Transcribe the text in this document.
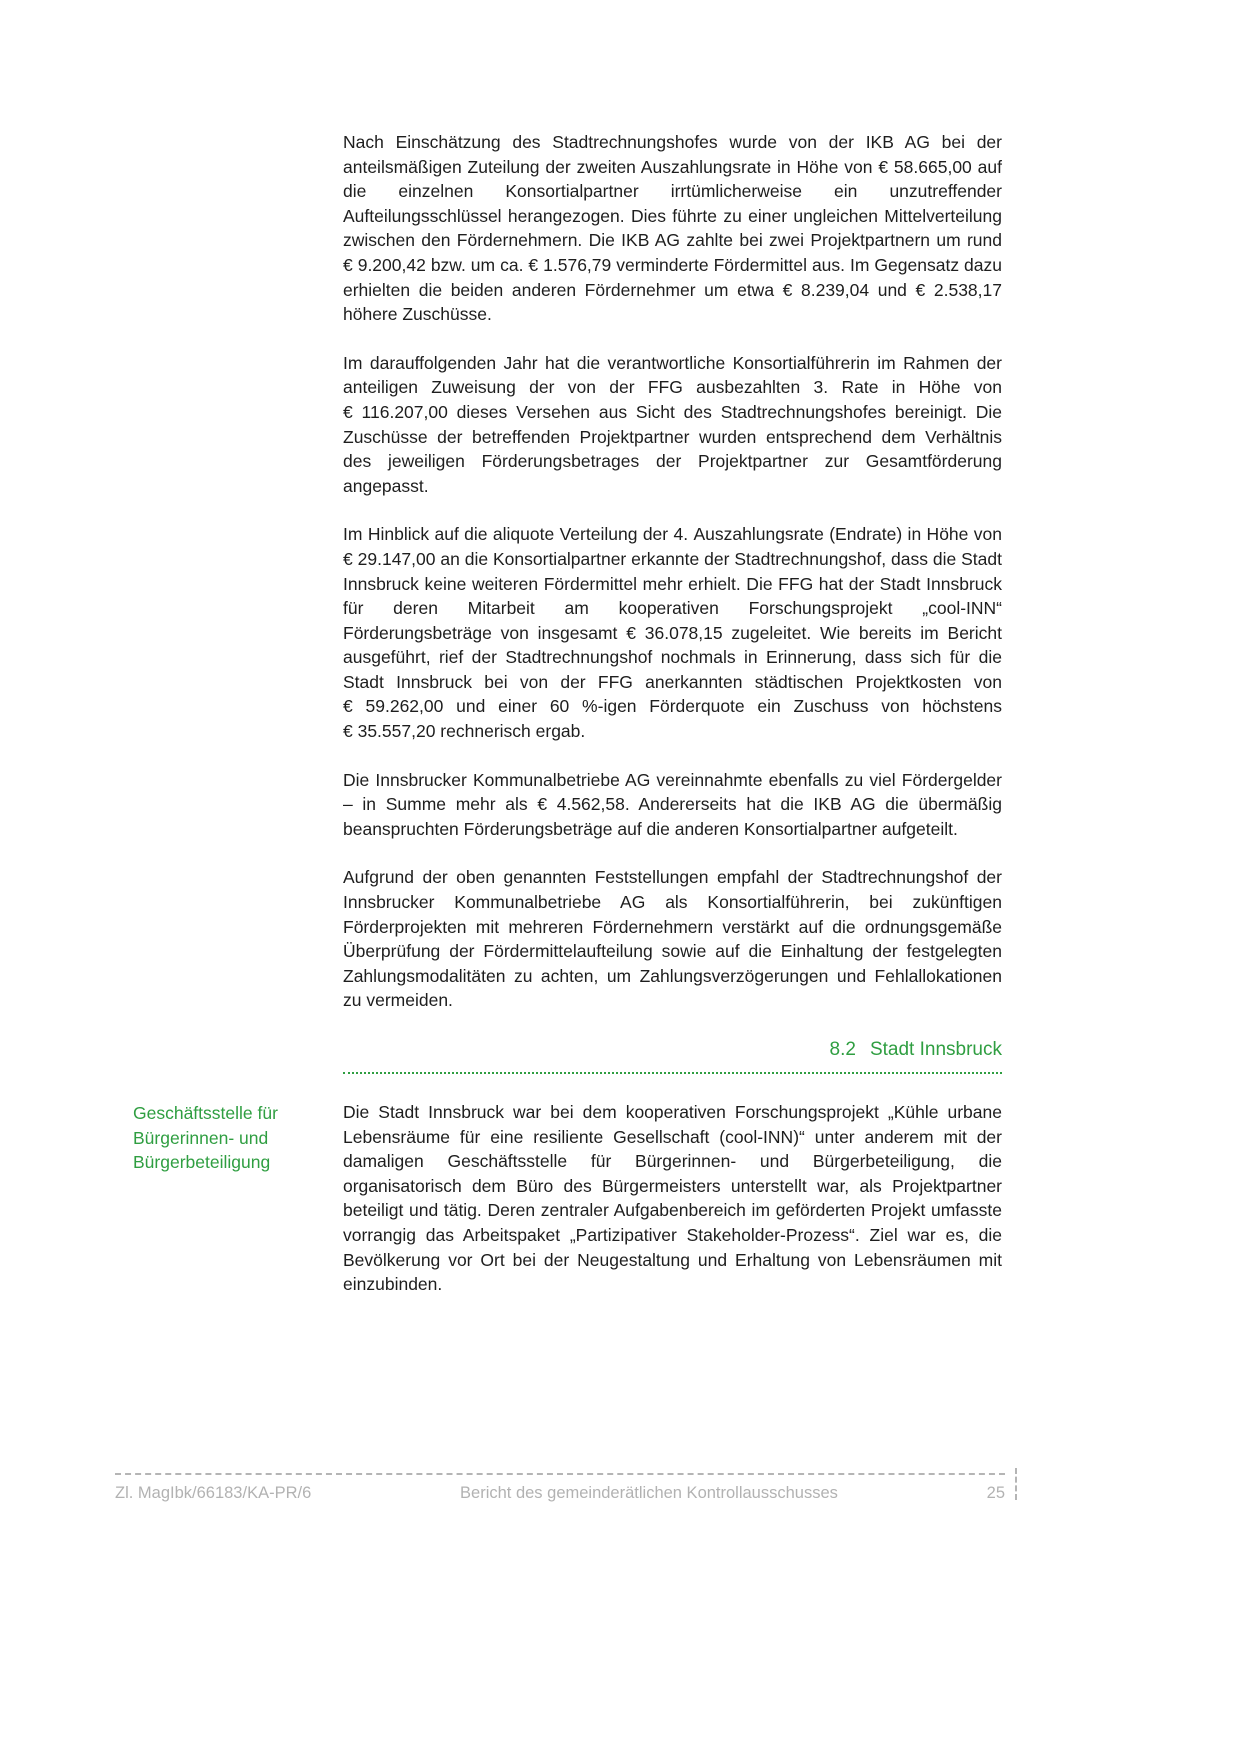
Nach Einschätzung des Stadtrechnungshofes wurde von der IKB AG bei der anteilsmäßigen Zuteilung der zweiten Auszahlungsrate in Höhe von € 58.665,00 auf die einzelnen Konsortialpartner irrtümlicherweise ein unzutreffender Aufteilungsschlüssel herangezogen. Dies führte zu einer ungleichen Mittelverteilung zwischen den Fördernehmern. Die IKB AG zahlte bei zwei Projektpartnern um rund € 9.200,42 bzw. um ca. € 1.576,79 verminderte Fördermittel aus. Im Gegensatz dazu erhielten die beiden anderen Fördernehmer um etwa € 8.239,04 und € 2.538,17 höhere Zuschüsse.

Im darauffolgenden Jahr hat die verantwortliche Konsortialführerin im Rahmen der anteiligen Zuweisung der von der FFG ausbezahlten 3. Rate in Höhe von € 116.207,00 dieses Versehen aus Sicht des Stadtrechnungshofes bereinigt. Die Zuschüsse der betreffenden Projektpartner wurden entsprechend dem Verhältnis des jeweiligen Förderungsbetrages der Projektpartner zur Gesamtförderung angepasst.

Im Hinblick auf die aliquote Verteilung der 4. Auszahlungsrate (Endrate) in Höhe von € 29.147,00 an die Konsortialpartner erkannte der Stadtrechnungshof, dass die Stadt Innsbruck keine weiteren Fördermittel mehr erhielt. Die FFG hat der Stadt Innsbruck für deren Mitarbeit am kooperativen Forschungsprojekt „cool-INN“ Förderungsbeträge von insgesamt € 36.078,15 zugeleitet. Wie bereits im Bericht ausgeführt, rief der Stadtrechnungshof nochmals in Erinnerung, dass sich für die Stadt Innsbruck bei von der FFG anerkannten städtischen Projektkosten von € 59.262,00 und einer 60 %-igen Förderquote ein Zuschuss von höchstens € 35.557,20 rechnerisch ergab.

Die Innsbrucker Kommunalbetriebe AG vereinnahmte ebenfalls zu viel Fördergelder – in Summe mehr als € 4.562,58. Andererseits hat die IKB AG die übermäßig beanspruchten Förderungsbeträge auf die anderen Konsortialpartner aufgeteilt.

Aufgrund der oben genannten Feststellungen empfahl der Stadtrechnungshof der Innsbrucker Kommunalbetriebe AG als Konsortialführerin, bei zukünftigen Förderprojekten mit mehreren Fördernehmern verstärkt auf die ordnungsgemäße Überprüfung der Fördermittelaufteilung sowie auf die Einhaltung der festgelegten Zahlungsmodalitäten zu achten, um Zahlungsverzögerungen und Fehlallokationen zu vermeiden.

8.2 Stadt Innsbruck
Geschäftsstelle für Bürgerinnen- und Bürgerbeteiligung

Die Stadt Innsbruck war bei dem kooperativen Forschungsprojekt „Kühle urbane Lebensräume für eine resiliente Gesellschaft (cool-INN)“ unter anderem mit der damaligen Geschäftsstelle für Bürgerinnen- und Bürgerbeteiligung, die organisatorisch dem Büro des Bürgermeisters unterstellt war, als Projektpartner beteiligt und tätig. Deren zentraler Aufgabenbereich im geförderten Projekt umfasste vorrangig das Arbeitspaket „Partizipativer Stakeholder-Prozess“. Ziel war es, die Bevölkerung vor Ort bei der Neugestaltung und Erhaltung von Lebensräumen mit einzubinden.

Zl. MagIbk/66183/KA-PR/6	Bericht des gemeinderätlichen Kontrollausschusses	25
